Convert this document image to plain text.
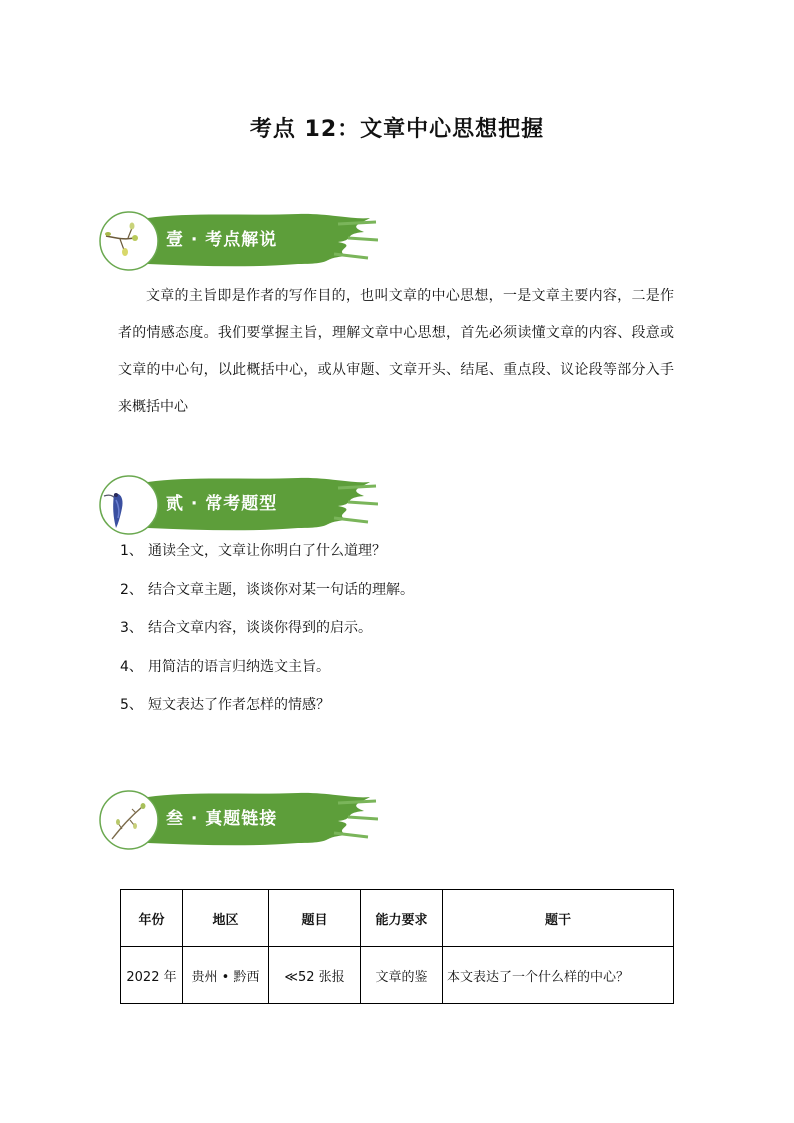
考点 12：文章中心思想把握
壹 · 考点解说
文章的主旨即是作者的写作目的，也叫文章的中心思想，一是文章主要内容，二是作者的情感态度。我们要掌握主旨，理解文章中心思想，首先必须读懂文章的内容、段意或文章的中心句，以此概括中心，或从审题、文章开头、结尾、重点段、议论段等部分入手来概括中心
贰 · 常考题型
1、 通读全文，文章让你明白了什么道理？
2、 结合文章主题，谈谈你对某一句话的理解。
3、 结合文章内容，谈谈你得到的启示。
4、 用简洁的语言归纳选文主旨。
5、 短文表达了作者怎样的情感？
叁 · 真题链接
年份	地区	题目	能力要求	题干
2022 年	贵州 • 黔西	≪52 张报	文章的鉴	本文表达了一个什么样的中心？
